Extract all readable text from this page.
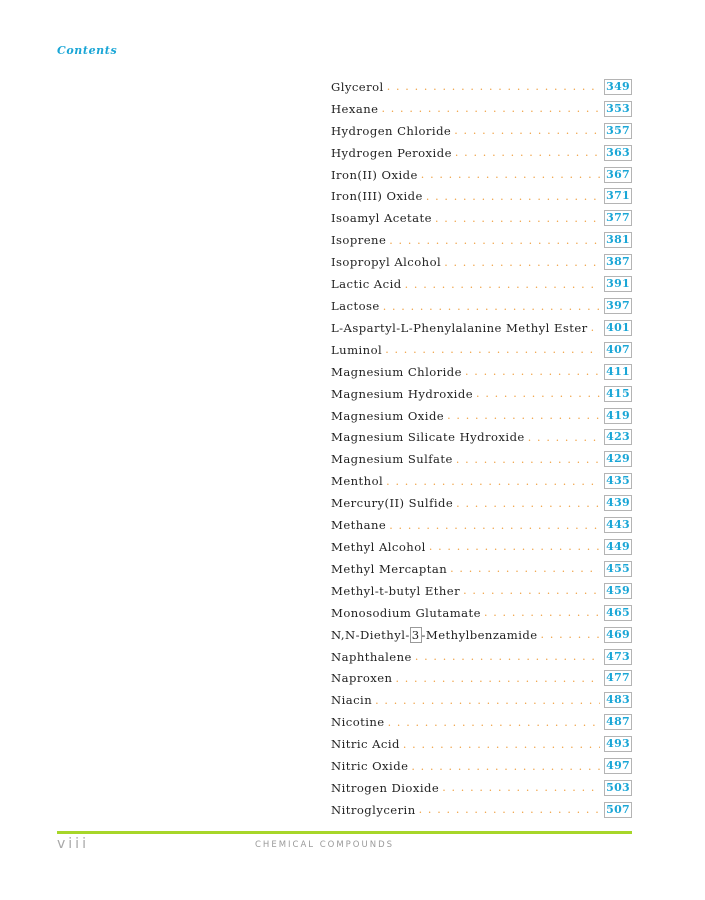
Contents
Glycerol . . .	349
Hexane . . .	353
Hydrogen Chloride . . .	357
Hydrogen Peroxide . . .	363
Iron(II) Oxide . . .	367
Iron(III) Oxide . . .	371
Isoamyl Acetate . . .	377
Isoprene . . .	381
Isopropyl Alcohol . . .	387
Lactic Acid . . .	391
Lactose . . .	397
L-Aspartyl-L-Phenylalanine Methyl Ester . . . 401
Luminol . . .	407
Magnesium Chloride . . .	411
Magnesium Hydroxide . . .	415
Magnesium Oxide . . .	419
Magnesium Silicate Hydroxide . . .	423
Magnesium Sulfate . . .	429
Menthol . . .	435
Mercury(II) Sulfide . . .	439
Methane . . .	443
Methyl Alcohol . . .	449
Methyl Mercaptan . . .	455
Methyl-t-butyl Ether . . .	459
Monosodium Glutamate . . .	465
N,N-Diethyl- 3 -Methylbenzamide . . .	469
Naphthalene . . .	473
Naproxen . . .	477
Niacin . . .	483
Nicotine . . .	487
Nitric Acid . . .	493
Nitric Oxide . . .	497
Nitrogen Dioxide . . .	503
Nitroglycerin . . .	507
viii	CHEMICAL COMPOUNDS
